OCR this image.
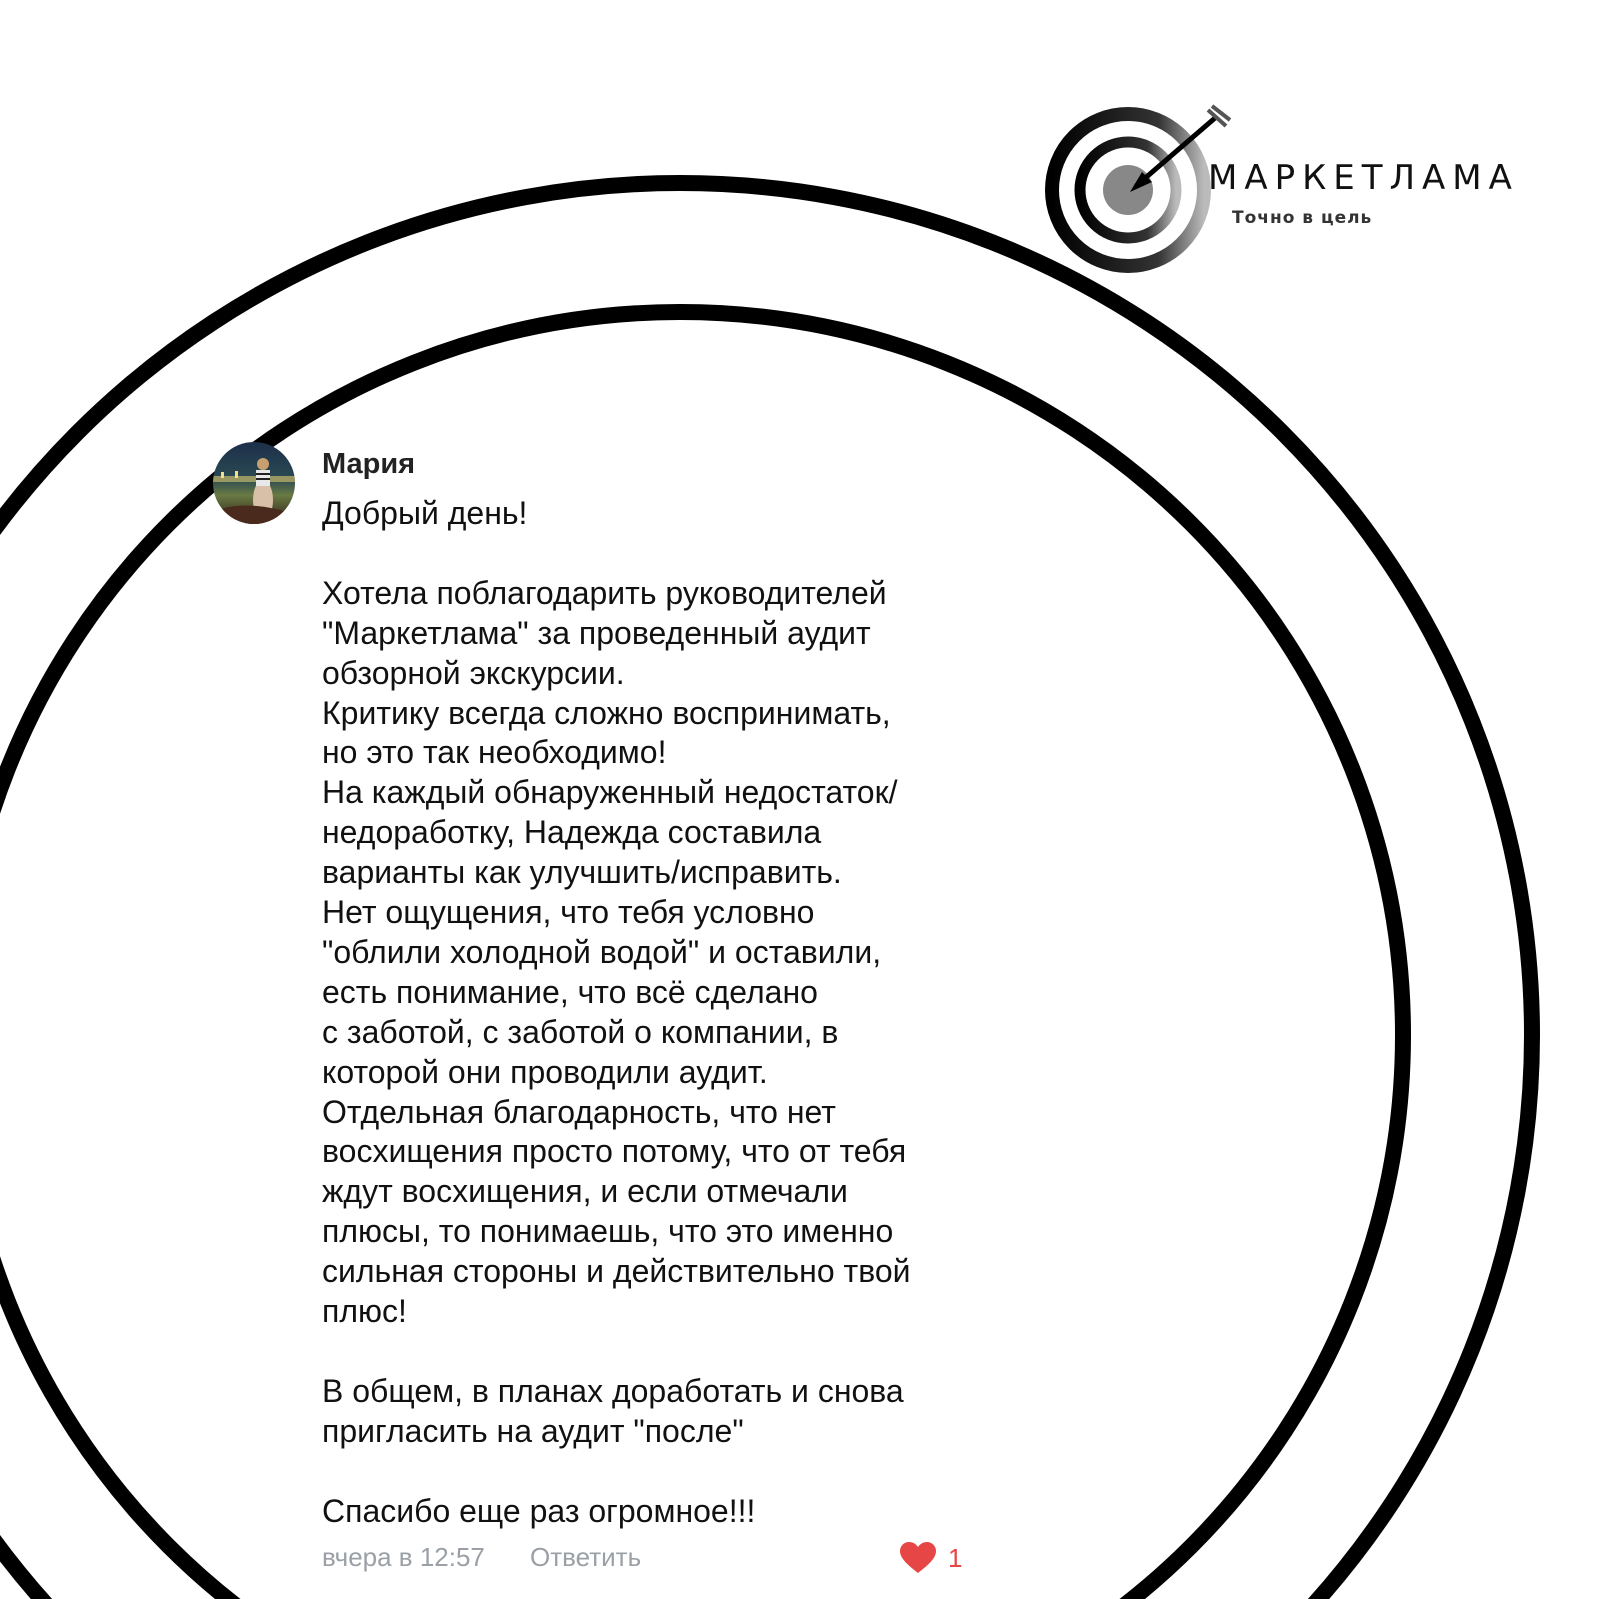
МАРКЕТЛАМА
Точно в цель
Мария

Добрый день!

Хотела поблагодарить руководителей

"Маркетлама" за проведенный аудит

обзорной экскурсии.

Критику всегда сложно воспринимать,

но это так необходимо!

На каждый обнаруженный недостаток/

недоработку, Надежда составила

варианты как улучшить/исправить.

Нет ощущения, что тебя условно

"облили холодной водой" и оставили,

есть понимание, что всё сделано

с заботой, с заботой о компании, в

которой они проводили аудит.

Отдельная благодарность, что нет

восхищения просто потому, что от тебя

ждут восхищения, и если отмечали

плюсы, то понимаешь, что это именно

сильная стороны и действительно твой

плюс!

В общем, в планах доработать и снова

пригласить на аудит "после"

Спасибо еще раз огромное!!!

вчера в 12:57 Ответить	1
